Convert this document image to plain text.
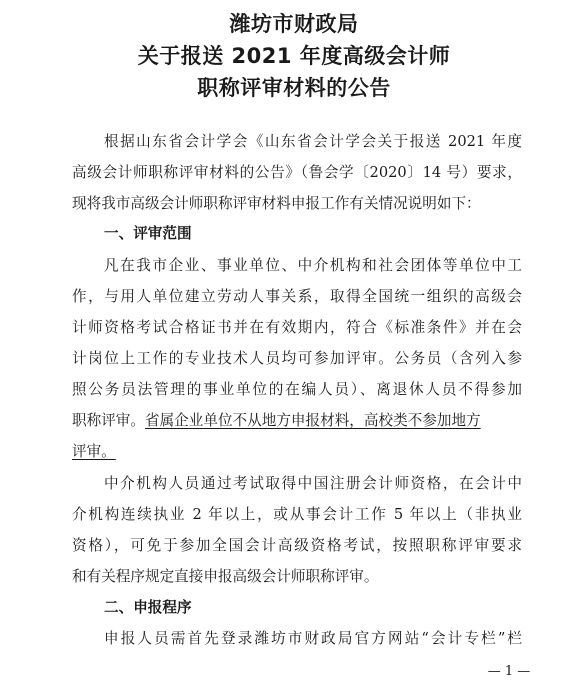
潍坊市财政局
关于报送 2021 年度高级会计师
职称评审材料的公告
根据山东省会计学会《山东省会计学会关于报送 2021 年度
高级会计师职称评审材料的公告》（鲁会学〔2020〕14 号）要求，
现将我市高级会计师职称评审材料申报工作有关情况说明如下：
一、评审范围
凡在我市企业、事业单位、中介机构和社会团体等单位中工
作，与用人单位建立劳动人事关系，取得全国统一组织的高级会
计师资格考试合格证书并在有效期内，符合《标准条件》并在会
计岗位上工作的专业技术人员均可参加评审。公务员（含列入参
照公务员法管理的事业单位的在编人员）、离退休人员不得参加
职称评审。省属企业单位不从地方申报材料，高校类不参加地方
评审。
中介机构人员通过考试取得中国注册会计师资格，在会计中
介机构连续执业 2 年以上，或从事会计工作 5 年以上（非执业
资格），可免于参加全国会计高级资格考试，按照职称评审要求
和有关程序规定直接申报高级会计师职称评审。
二、申报程序
申报人员需首先登录潍坊市财政局官方网站“会计专栏”栏
— 1 —
